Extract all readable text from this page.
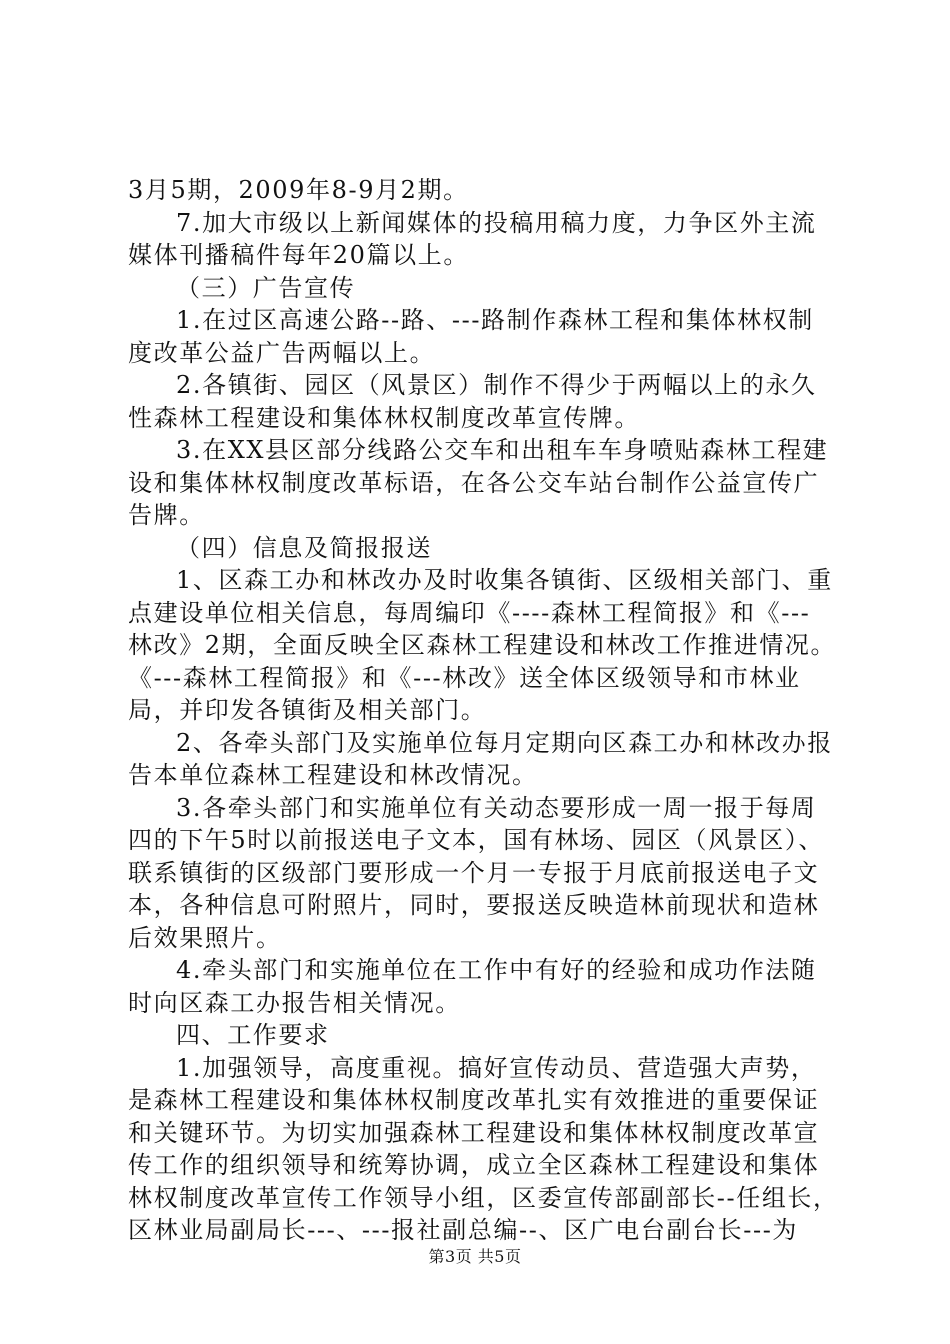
3月5期，2009年8-9月2期。

7.加大市级以上新闻媒体的投稿用稿力度，力争区外主流

媒体刊播稿件每年20篇以上。

（三）广告宣传

1.在过区高速公路--路、---路制作森林工程和集体林权制

度改革公益广告两幅以上。

2.各镇街、园区（风景区）制作不得少于两幅以上的永久

性森林工程建设和集体林权制度改革宣传牌。

3.在XX县区部分线路公交车和出租车车身喷贴森林工程建

设和集体林权制度改革标语，在各公交车站台制作公益宣传广

告牌。

（四）信息及简报报送

1、区森工办和林改办及时收集各镇街、区级相关部门、重

点建设单位相关信息，每周编印《----森林工程简报》和《---

林改》2期，全面反映全区森林工程建设和林改工作推进情况。

《---森林工程简报》和《---林改》送全体区级领导和市林业

局，并印发各镇街及相关部门。

2、各牵头部门及实施单位每月定期向区森工办和林改办报

告本单位森林工程建设和林改情况。

3.各牵头部门和实施单位有关动态要形成一周一报于每周

四的下午5时以前报送电子文本，国有林场、园区（风景区）、

联系镇街的区级部门要形成一个月一专报于月底前报送电子文

本，各种信息可附照片，同时，要报送反映造林前现状和造林

后效果照片。

4.牵头部门和实施单位在工作中有好的经验和成功作法随

时向区森工办报告相关情况。

四、工作要求

1.加强领导，高度重视。搞好宣传动员、营造强大声势，

是森林工程建设和集体林权制度改革扎实有效推进的重要保证

和关键环节。为切实加强森林工程建设和集体林权制度改革宣

传工作的组织领导和统筹协调，成立全区森林工程建设和集体

林权制度改革宣传工作领导小组，区委宣传部副部长--任组长，

区林业局副局长---、---报社副总编--、区广电台副台长---为

第3页 共5页
